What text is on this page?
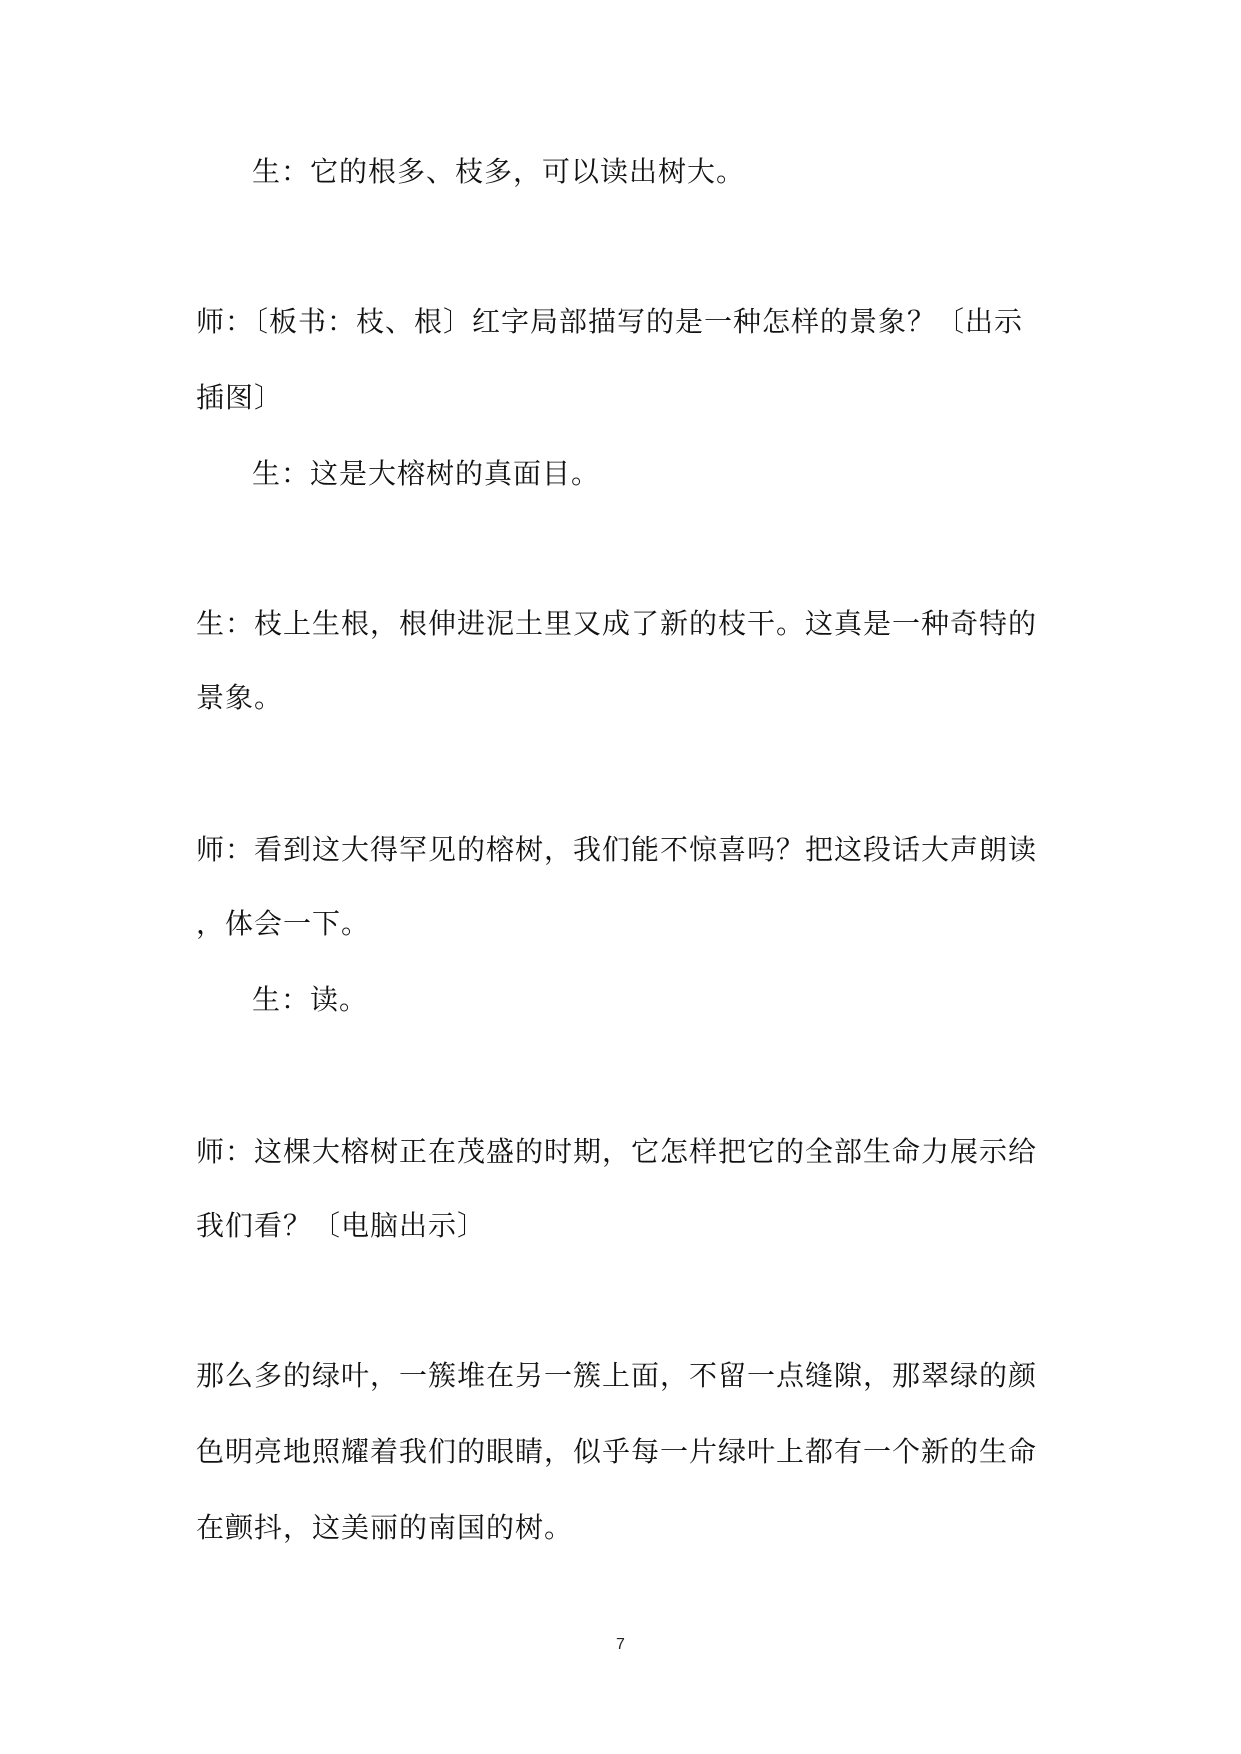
生：它的根多、枝多，可以读出树大。
师：〔板书：枝、根〕红字局部描写的是一种怎样的景象？〔出示
插图〕
生：这是大榕树的真面目。
生：枝上生根，根伸进泥土里又成了新的枝干。这真是一种奇特的
景象。
师：看到这大得罕见的榕树，我们能不惊喜吗？把这段话大声朗读
，体会一下。
生：读。
师：这棵大榕树正在茂盛的时期，它怎样把它的全部生命力展示给
我们看？〔电脑出示〕
那么多的绿叶，一簇堆在另一簇上面，不留一点缝隙，那翠绿的颜
色明亮地照耀着我们的眼睛，似乎每一片绿叶上都有一个新的生命
在颤抖，这美丽的南国的树。
7
